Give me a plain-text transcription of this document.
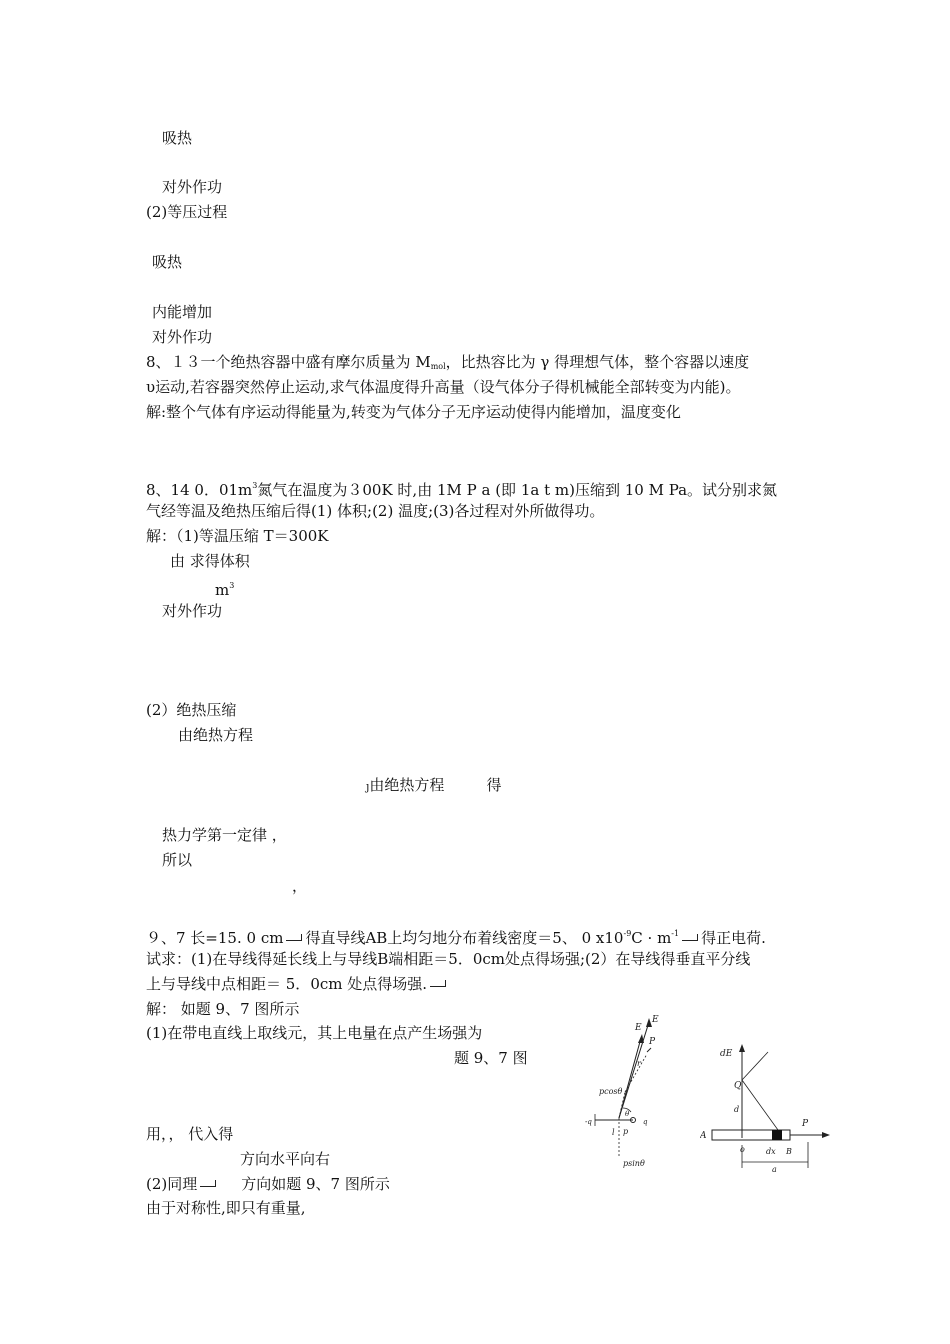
吸热
对外作功
(2)等压过程
吸热
内能增加
对外作功
8、１３一个绝热容器中盛有摩尔质量为 $M_{mol}$，比热容比为 γ 得理想气体，整个容器以速度
υ运动,若容器突然停止运动,求气体温度得升高量（设气体分子得机械能全部转变为内能)。
解:整个气体有序运动得能量为,转变为气体分子无序运动使得内能增加，温度变化
8、14 0．$01m^3$氮气在温度为３00K 时,由 1M P a (即 1a t m)压缩到 10 M Pa。试分别求氮
气经等温及绝热压缩后得(1) 体积;(2) 温度;(3)各过程对外所做得功。
解：（1)等温压缩 T＝300K
由 求得体积
$m^3$
对外作功
(2）绝热压缩
由绝热方程
ȷ由绝热方程	得
热力学第一定律 ，
所以
，
９、7 长=15. 0 cm 得直导线AB上均匀地分布着线密度＝5、 0 $x10^{-9}C \cdot m^{-1}$ 得正电荷.
试求：(1)在导线得延长线上与导线B端相距＝5．0cm处点得场强;(2）在导线得垂直平分线
上与导线中点相距＝ 5．0cm 处点得场强.
解： 如题 9、7 图所示
(1)在带电直线上取线元，其上电量在点产生场强为
题 9、7 图
用，， 代入得
方向水平向右
(2)同理	方向如题 9、7 图所示
由于对称性,即只有重量,
E
E
r
P
pcosθ
θ
-q	q
l p
psinθ
dE
Q
d
A
o	dx B
P
a
